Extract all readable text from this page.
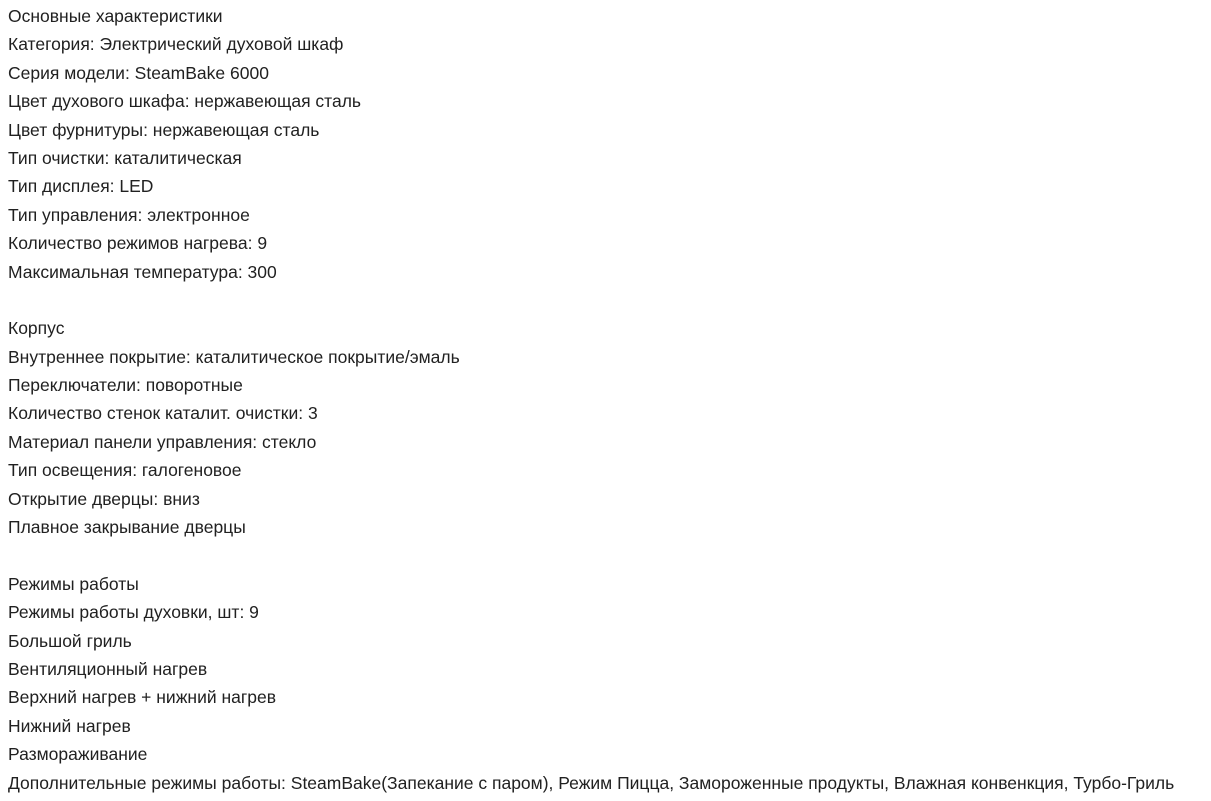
Основные характеристики
Категория: Электрический духовой шкаф
Серия модели: SteamBake 6000
Цвет духового шкафа: нержавеющая сталь
Цвет фурнитуры: нержавеющая сталь
Тип очистки: каталитическая
Тип дисплея: LED
Тип управления: электронное
Количество режимов нагрева: 9
Максимальная температура: 300
Корпус
Внутреннее покрытие: каталитическое покрытие/эмаль
Переключатели: поворотные
Количество стенок каталит. очистки: 3
Материал панели управления: стекло
Тип освещения: галогеновое
Открытие дверцы: вниз
Плавное закрывание дверцы
Режимы работы
Режимы работы духовки, шт: 9
Большой гриль
Вентиляционный нагрев
Верхний нагрев + нижний нагрев
Нижний нагрев
Размораживание
Дополнительные режимы работы: SteamBake(Запекание с паром), Режим Пицца, Замороженные продукты, Влажная конвенкция, Турбо-Гриль
